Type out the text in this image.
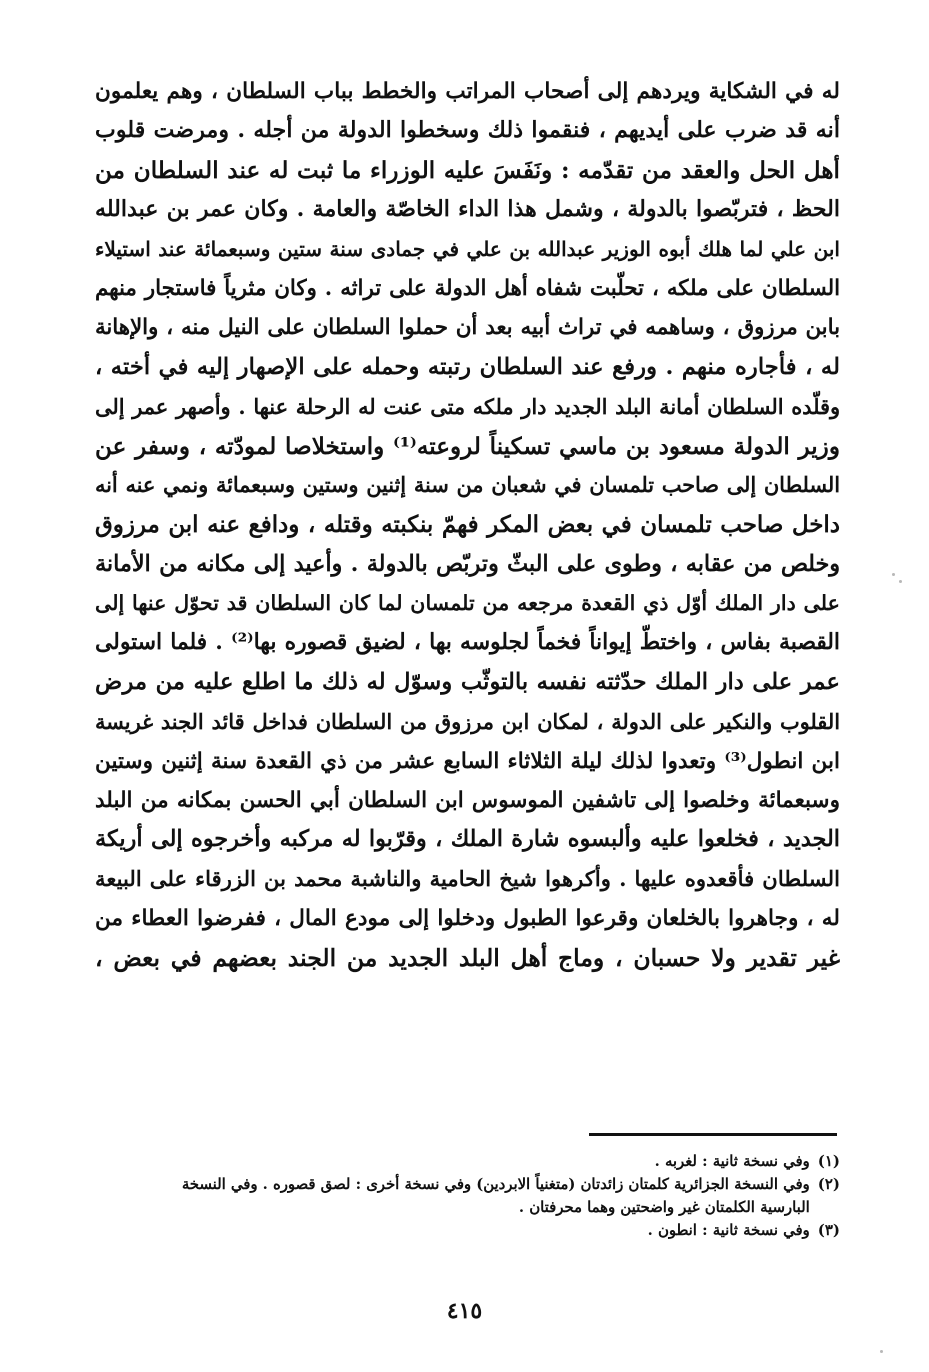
له في الشكاية ويردهم إلى أصحاب المراتب والخطط بباب السلطان ، وهم يعلمون
أنه قد ضرب على أيديهم ، فنقموا ذلك وسخطوا الدولة من أجله . ومرضت قلوب
أهل الحل والعقد من تقدّمه : ونَفَسَ عليه الوزراء ما ثبت له عند السلطان من
الحظ ، فتربّصوا بالدولة ، وشمل هذا الداء الخاصّة والعامة . وكان عمر بن عبدالله
ابن علي لما هلك أبوه الوزير عبدالله بن علي في جمادى سنة ستين وسبعمائة عند استيلاء
السلطان على ملكه ، تحلّبت شفاه أهل الدولة على تراثه . وكان مثرياً فاستجار منهم
بابن مرزوق ، وساهمه في تراث أبيه بعد أن حملوا السلطان على النيل منه ، والإهانة
له ، فأجاره منهم . ورفع عند السلطان رتبته وحمله على الإصهار إليه في أخته ،
وقلّده السلطان أمانة البلد الجديد دار ملكه متى عنت له الرحلة عنها . وأصهر عمر إلى
وزير الدولة مسعود بن ماسي تسكيناً لروعته⁽¹⁾ واستخلاصا لمودّته ، وسفر عن
السلطان إلى صاحب تلمسان في شعبان من سنة إثنين وستين وسبعمائة ونمي عنه أنه
داخل صاحب تلمسان في بعض المكر فهمّ بنكبته وقتله ، ودافع عنه ابن مرزوق
وخلص من عقابه ، وطوى على البثّ وتربّص بالدولة . وأعيد إلى مكانه من الأمانة
على دار الملك أوّل ذي القعدة مرجعه من تلمسان لما كان السلطان قد تحوّل عنها إلى
القصبة بفاس ، واختطّ إيواناً فخماً لجلوسه بها ، لضيق قصوره بها⁽²⁾ . فلما استولى
عمر على دار الملك حدّثته نفسه بالتوثّب وسوّل له ذلك ما اطلع عليه من مرض
القلوب والنكير على الدولة ، لمكان ابن مرزوق من السلطان فداخل قائد الجند غريسة
ابن انطول⁽³⁾ وتعدوا لذلك ليلة الثلاثاء السابع عشر من ذي القعدة سنة إثنين وستين
وسبعمائة وخلصوا إلى تاشفين الموسوس ابن السلطان أبي الحسن بمكانه من البلد
الجديد ، فخلعوا عليه وألبسوه شارة الملك ، وقرّبوا له مركبه وأخرجوه إلى أريكة
السلطان فأقعدوه عليها . وأكرهوا شيخ الحامية والناشبة محمد بن الزرقاء على البيعة
له ، وجاهروا بالخلعان وقرعوا الطبول ودخلوا إلى مودع المال ، ففرضوا العطاء من
غير تقدير ولا حسبان ، وماج أهل البلد الجديد من الجند بعضهم في بعض ،
(١)
وفي نسخة ثانية : لغربه .
(٢)
وفي النسخة الجزائرية كلمتان زائدتان (متغنياً الابردين) وفي نسخة أخرى : لصق قصوره . وفي النسخة
البارسية الكلمتان غير واضحتين وهما محرفتان .
(٣)
وفي نسخة ثانية : انطون .
٤١٥
